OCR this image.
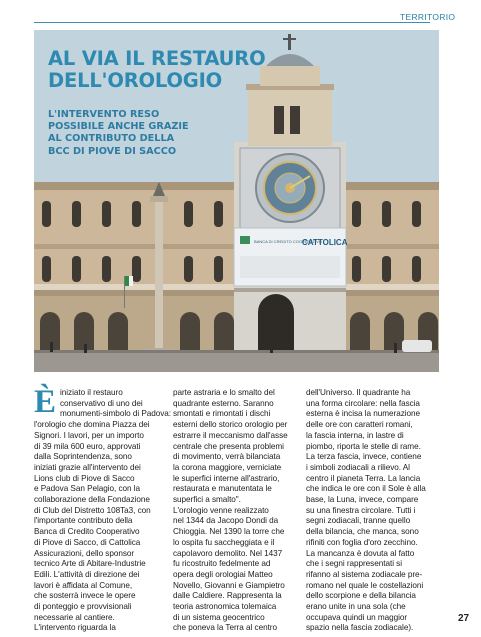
TERRITORIO
BANCA DI CREDITO COOPERATIVO
CATTOLICA
AL VIA IL RESTAURO
DELL'OROLOGIO
L'INTERVENTO RESO
POSSIBILE ANCHE GRAZIE
AL CONTRIBUTO DELLA
BCC DI PIOVE DI SACCO
È iniziato il restauro
conservativo di uno dei
monumenti-simbolo di Padova:
l'orologio che domina Piazza dei
Signori. I lavori, per un importo
di 39 mila 600 euro, approvati
dalla Soprintendenza, sono
iniziati grazie all'intervento dei
Lions club di Piove di Sacco
e Padova San Pelagio, con la
collaborazione della Fondazione
di Club del Distretto 108Ta3, con
l'importante contributo della
Banca di Credito Cooperativo
di Piove di Sacco, di Cattolica
Assicurazioni, dello sponsor
tecnico Arte di Abitare-Industrie
Edili. L'attività di direzione dei
lavori è affidata al Comune,
che sosterrà invece le opere
di ponteggio e provvisionali
necessarie al cantiere.
L'intervento riguarda la
parte astraria e lo smalto del
quadrante esterno. Saranno
smontati e rimontati i dischi
esterni dello storico orologio per
estrarre il meccanismo dall'asse
centrale che presenta problemi
di movimento, verrà bilanciata
la corona maggiore, verniciate
le superfici interne all'astrario,
restaurata e manutentata le
superfici a smalto".
L'orologio venne realizzato
nel 1344 da Jacopo Dondi da
Chioggia. Nel 1390 la torre che
lo ospita fu saccheggiata e il
capolavoro demolito. Nel 1437
fu ricostruito fedelmente ad
opera degli orologiai Matteo
Novello, Giovanni e Giampietro
dalle Caldiere. Rappresenta la
teoria astronomica tolemaica
di un sistema geocentrico
che poneva la Terra al centro
dell'Universo. Il quadrante ha
una forma circolare: nella fascia
esterna è incisa la numerazione
delle ore con caratteri romani,
la fascia interna, in lastre di
piombo, riporta le stelle di rame.
La terza fascia, invece, contiene
i simboli zodiacali a rilievo. Al
centro il pianeta Terra. La lancia
che indica le ore con il Sole è alla
base, la Luna, invece, compare
su una finestra circolare. Tutti i
segni zodiacali, tranne quello
della bilancia, che manca, sono
rifiniti con foglia d'oro zecchino.
La mancanza è dovuta al fatto
che i segni rappresentati si
rifanno al sistema zodiacale pre-
romano nel quale le costellazioni
dello scorpione e della bilancia
erano unite in una sola (che
occupava quindi un maggior
spazio nella fascia zodiacale).
27
